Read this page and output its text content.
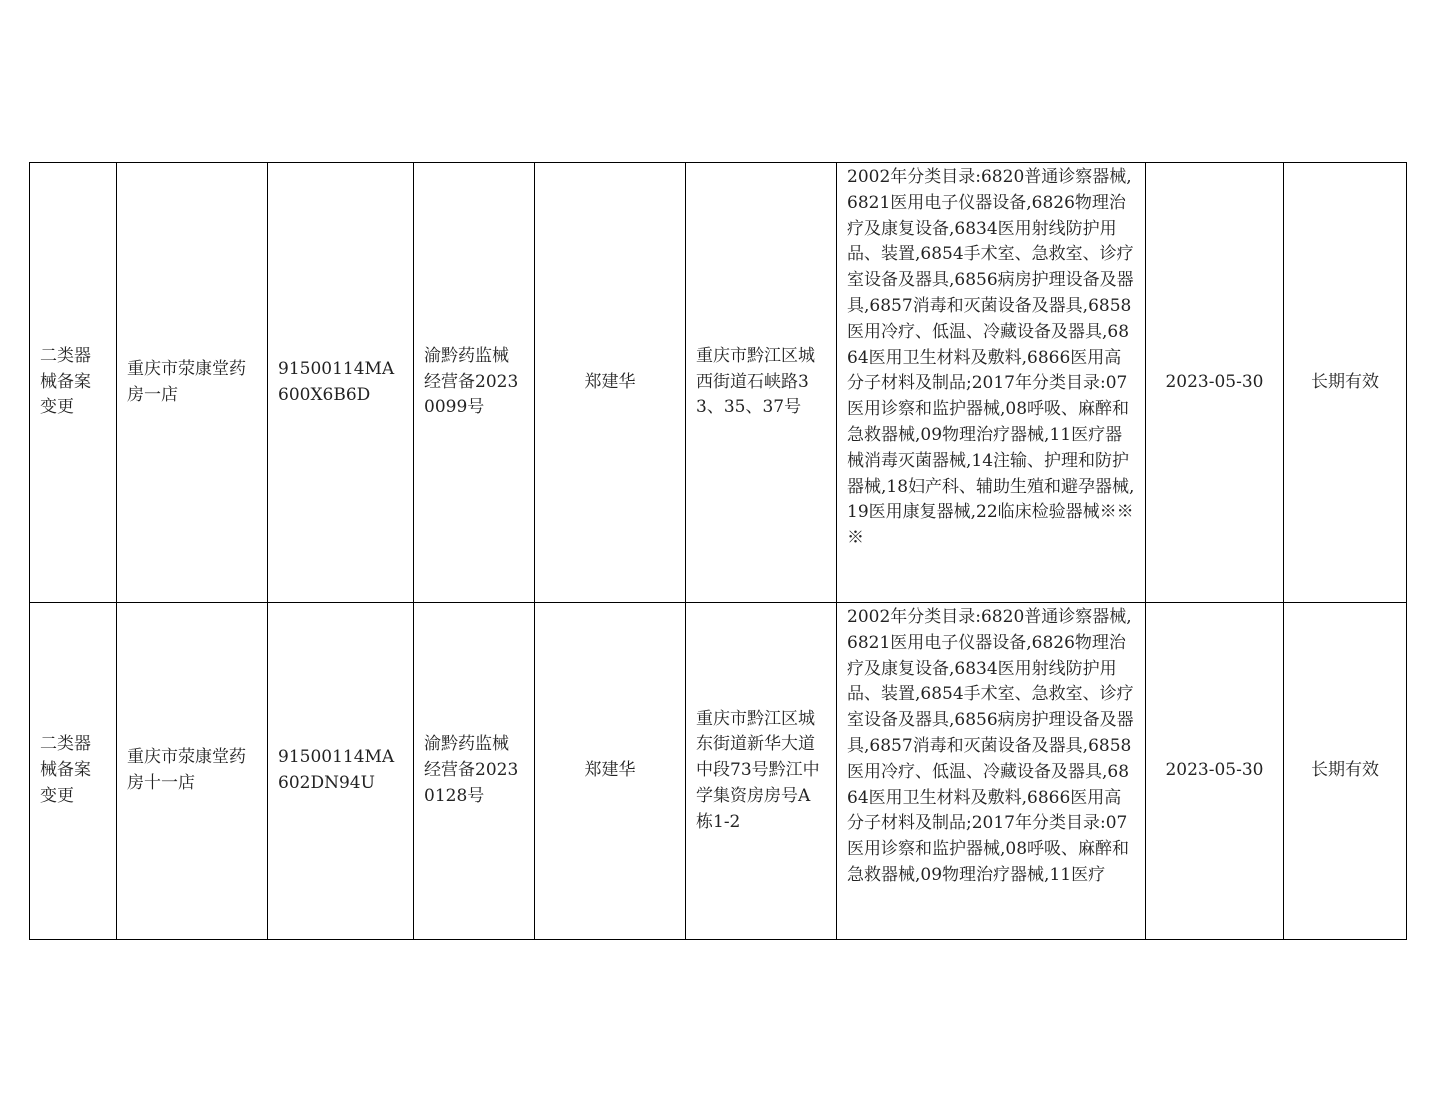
二类器械备案变更	重庆市荥康堂药房一店	91500114MA600X6B6D	渝黔药监械经营备20230099号	郑建华	重庆市黔江区城西街道石峡路33、35、37号	2002年分类目录:6820普通诊察器械,6821医用电子仪器设备,6826物理治疗及康复设备,6834医用射线防护用品、装置,6854手术室、急救室、诊疗室设备及器具,6856病房护理设备及器具,6857消毒和灭菌设备及器具,6858医用冷疗、低温、冷藏设备及器具,6864医用卫生材料及敷料,6866医用高分子材料及制品;2017年分类目录:07医用诊察和监护器械,08呼吸、麻醉和急救器械,09物理治疗器械,11医疗器械消毒灭菌器械,14注输、护理和防护器械,18妇产科、辅助生殖和避孕器械,19医用康复器械,22临床检验器械※※※	2023-05-30	长期有效
二类器械备案变更	重庆市荥康堂药房十一店	91500114MA602DN94U	渝黔药监械经营备20230128号	郑建华	重庆市黔江区城东街道新华大道中段73号黔江中学集资房房号A栋1-2	2002年分类目录:6820普通诊察器械,6821医用电子仪器设备,6826物理治疗及康复设备,6834医用射线防护用品、装置,6854手术室、急救室、诊疗室设备及器具,6856病房护理设备及器具,6857消毒和灭菌设备及器具,6858医用冷疗、低温、冷藏设备及器具,6864医用卫生材料及敷料,6866医用高分子材料及制品;2017年分类目录:07医用诊察和监护器械,08呼吸、麻醉和急救器械,09物理治疗器械,11医疗	2023-05-30	长期有效
